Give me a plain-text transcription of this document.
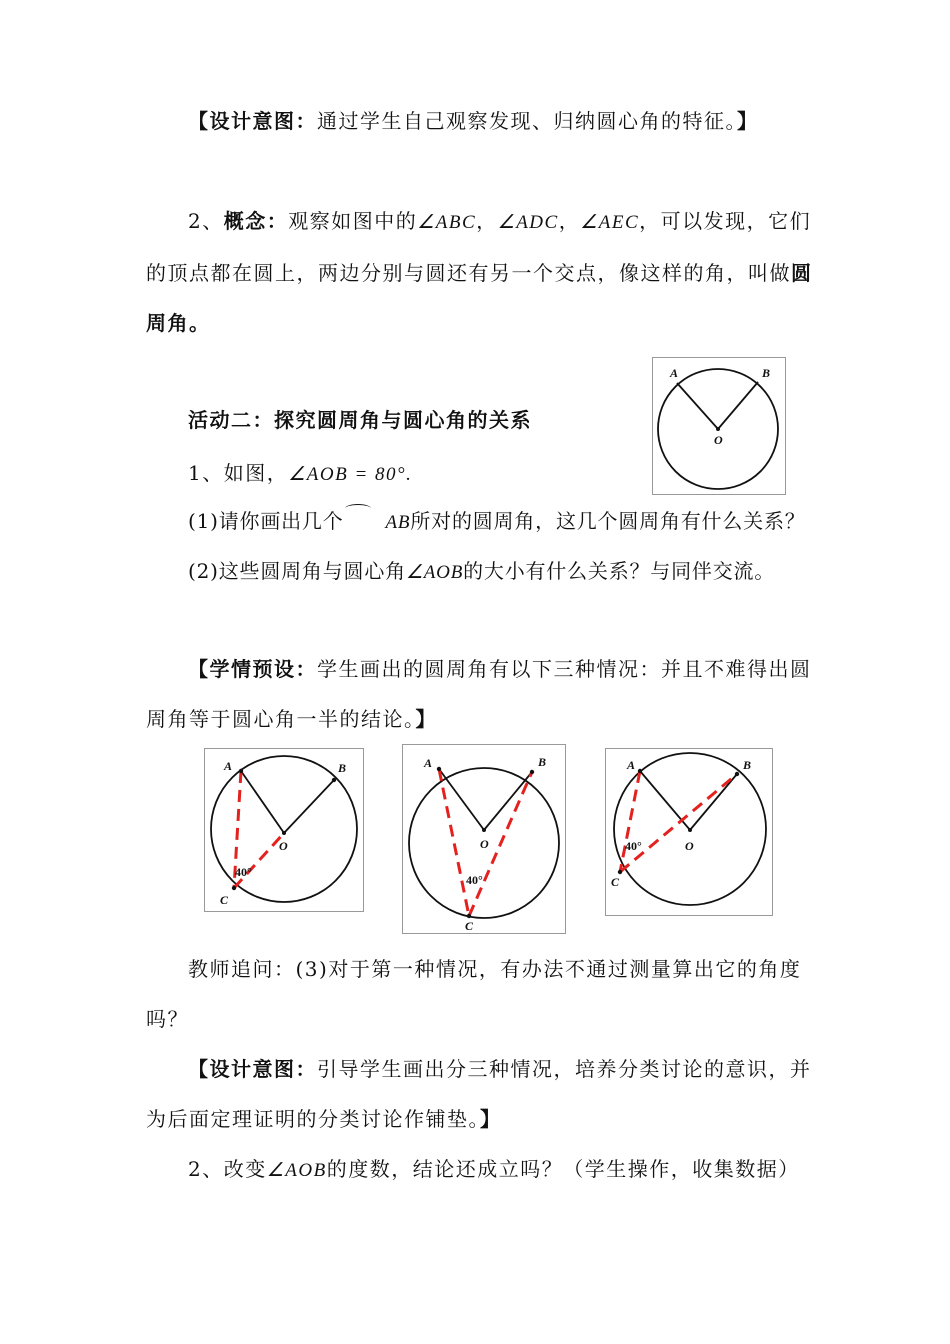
【设计意图：通过学生自己观察发现、归纳圆心角的特征。】

2、概念：观察如图中的∠ABC，∠ADC，∠AEC，可以发现，它们的顶点都在圆上，两边分别与圆还有另一个交点，像这样的角，叫做圆周角。

活动二：探究圆周角与圆心角的关系

A	B
O

1、如图，∠AOB = 80°.

(1)请你画出几个 AB所对的圆周角，这几个圆周角有什么关系？

(2)这些圆周角与圆心角∠AOB的大小有什么关系？与同伴交流。

【学情预设：学生画出的圆周角有以下三种情况：并且不难得出圆周角等于圆心角一半的结论。】

A	B
O
C
40°
A	B
O
C
40°
A	B
O
C
40°

教师追问：(3)对于第一种情况，有办法不通过测量算出它的角度吗？

【设计意图：引导学生画出分三种情况，培养分类讨论的意识，并为后面定理证明的分类讨论作铺垫。】

2、改变∠AOB的度数，结论还成立吗？（学生操作，收集数据）
